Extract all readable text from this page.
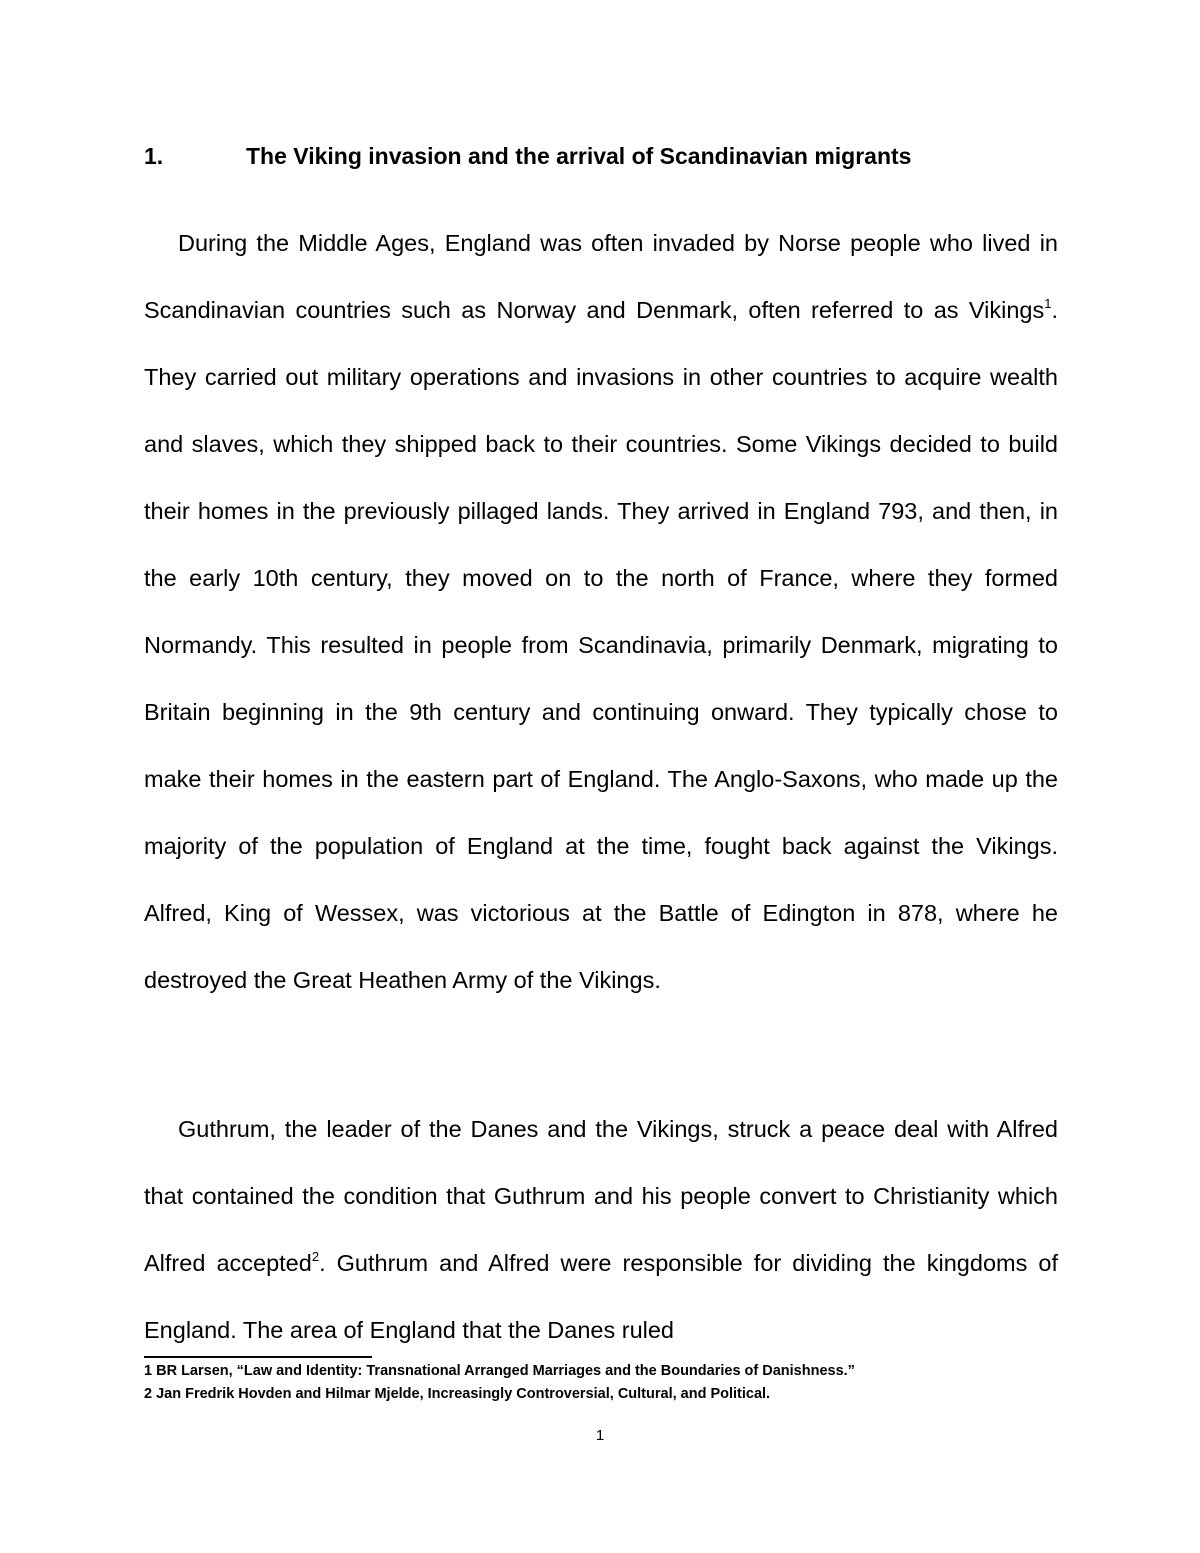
1.	The Viking invasion and the arrival of Scandinavian migrants

During the Middle Ages, England was often invaded by Norse people who lived in Scandinavian countries such as Norway and Denmark, often referred to as Vikings$^1$. They carried out military operations and invasions in other countries to acquire wealth and slaves, which they shipped back to their countries. Some Vikings decided to build their homes in the previously pillaged lands. They arrived in England 793, and then, in the early 10th century, they moved on to the north of France, where they formed Normandy. This resulted in people from Scandinavia, primarily Denmark, migrating to Britain beginning in the 9th century and continuing onward. They typically chose to make their homes in the eastern part of England. The Anglo-Saxons, who made up the majority of the population of England at the time, fought back against the Vikings. Alfred, King of Wessex, was victorious at the Battle of Edington in 878, where he destroyed the Great Heathen Army of the Vikings.

Guthrum, the leader of the Danes and the Vikings, struck a peace deal with Alfred that contained the condition that Guthrum and his people convert to Christianity which Alfred accepted$^2$. Guthrum and Alfred were responsible for dividing the kingdoms of England. The area of England that the Danes ruled

1 BR Larsen, “Law and Identity: Transnational Arranged Marriages and the Boundaries of Danishness.”
2 Jan Fredrik Hovden and Hilmar Mjelde, Increasingly Controversial, Cultural, and Political.
1
